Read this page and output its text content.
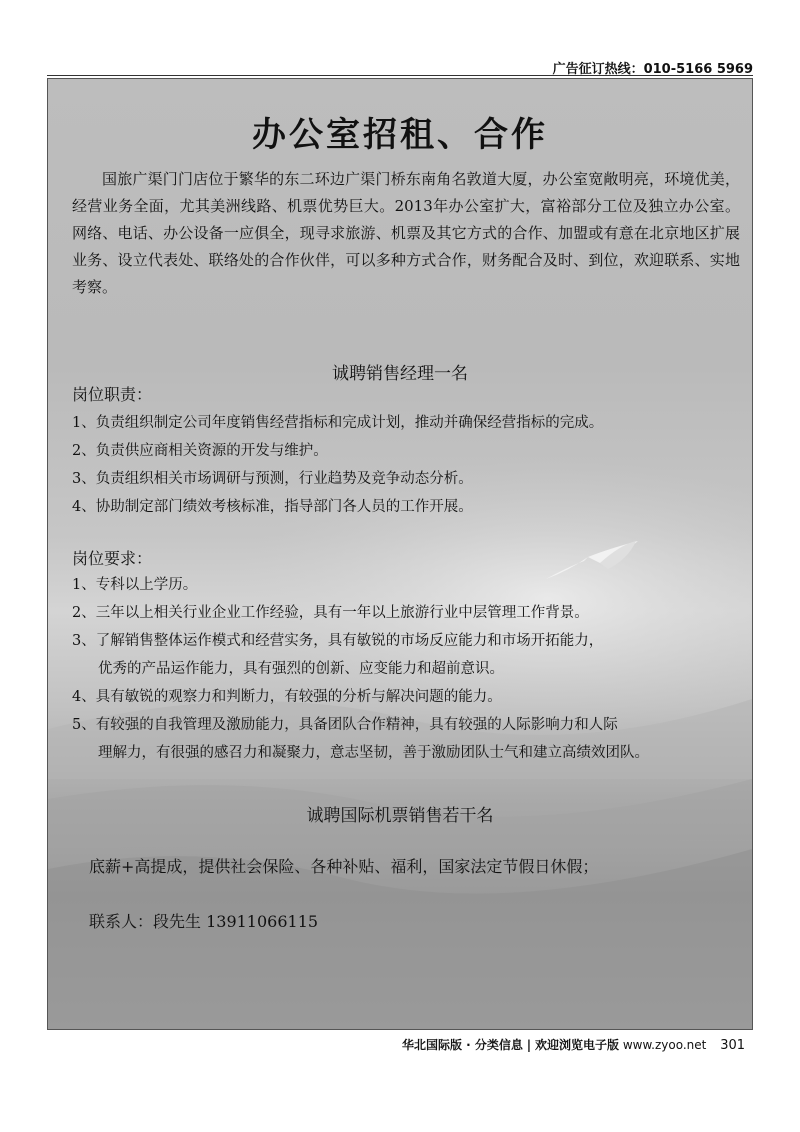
广告征订热线：010-5166 5969
办公室招租、合作

国旅广渠门门店位于繁华的东二环边广渠门桥东南角名敦道大厦，办公室宽敞明亮，环境优美，经营业务全面，尤其美洲线路、机票优势巨大。2013年办公室扩大，富裕部分工位及独立办公室。网络、电话、办公设备一应俱全，现寻求旅游、机票及其它方式的合作、加盟或有意在北京地区扩展业务、设立代表处、联络处的合作伙伴，可以多种方式合作，财务配合及时、到位，欢迎联系、实地考察。

诚聘销售经理一名
岗位职责：
1、负责组织制定公司年度销售经营指标和完成计划，推动并确保经营指标的完成。
2、负责供应商相关资源的开发与维护。
3、负责组织相关市场调研与预测，行业趋势及竞争动态分析。
4、协助制定部门绩效考核标准，指导部门各人员的工作开展。
岗位要求：
1、专科以上学历。
2、三年以上相关行业企业工作经验，具有一年以上旅游行业中层管理工作背景。
3、了解销售整体运作模式和经营实务，具有敏锐的市场反应能力和市场开拓能力，
优秀的产品运作能力，具有强烈的创新、应变能力和超前意识。
4、具有敏锐的观察力和判断力，有较强的分析与解决问题的能力。
5、有较强的自我管理及激励能力，具备团队合作精神，具有较强的人际影响力和人际
理解力，有很强的感召力和凝聚力，意志坚韧，善于激励团队士气和建立高绩效团队。
诚聘国际机票销售若干名
底薪+高提成，提供社会保险、各种补贴、福利，国家法定节假日休假；
联系人：段先生 13911066115
华北国际版 · 分类信息 | 欢迎浏览电子版 www.zyoo.net 301
